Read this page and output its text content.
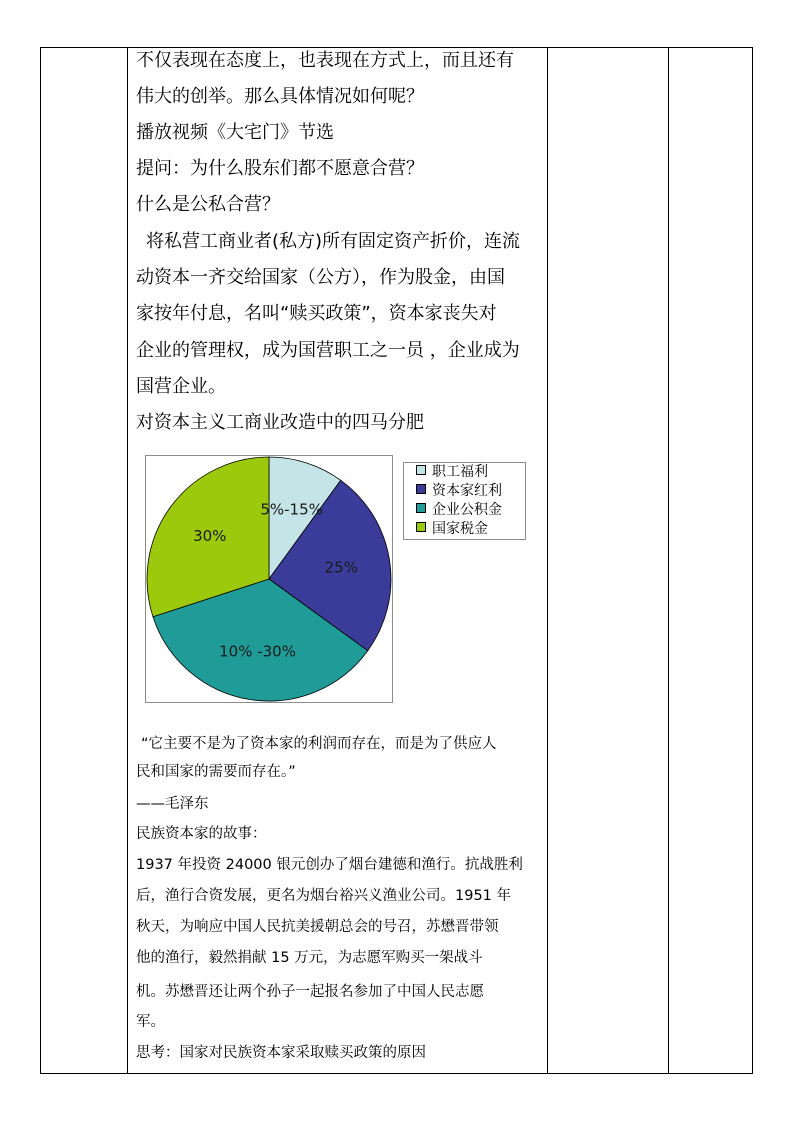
不仅表现在态度上，也表现在方式上，而且还有
伟大的创举。那么具体情况如何呢？
播放视频《大宅门》节选
提问：为什么股东们都不愿意合营？
什么是公私合营？
将私营工商业者(私方)所有固定资产折价，连流
动资本一齐交给国家（公方），作为股金，由国
家按年付息，名叫“赎买政策”，资本家丧失对
企业的管理权，成为国营职工之一员 ，企业成为
国营企业。
对资本主义工商业改造中的四马分肥
5%-15%
25%
10% -30%
30%
职工福利
资本家红利
企业公积金
国家税金
“它主要不是为了资本家的利润而存在，而是为了供应人
民和国家的需要而存在。”
——毛泽东
民族资本家的故事：
1937 年投资 24000 银元创办了烟台建德和渔行。抗战胜利
后，渔行合资发展，更名为烟台裕兴义渔业公司。1951 年
秋天，为响应中国人民抗美援朝总会的号召，苏懋晋带领
他的渔行，毅然捐献 15 万元，为志愿军购买一架战斗
机。苏懋晋还让两个孙子一起报名参加了中国人民志愿
军。
思考：国家对民族资本家采取赎买政策的原因
